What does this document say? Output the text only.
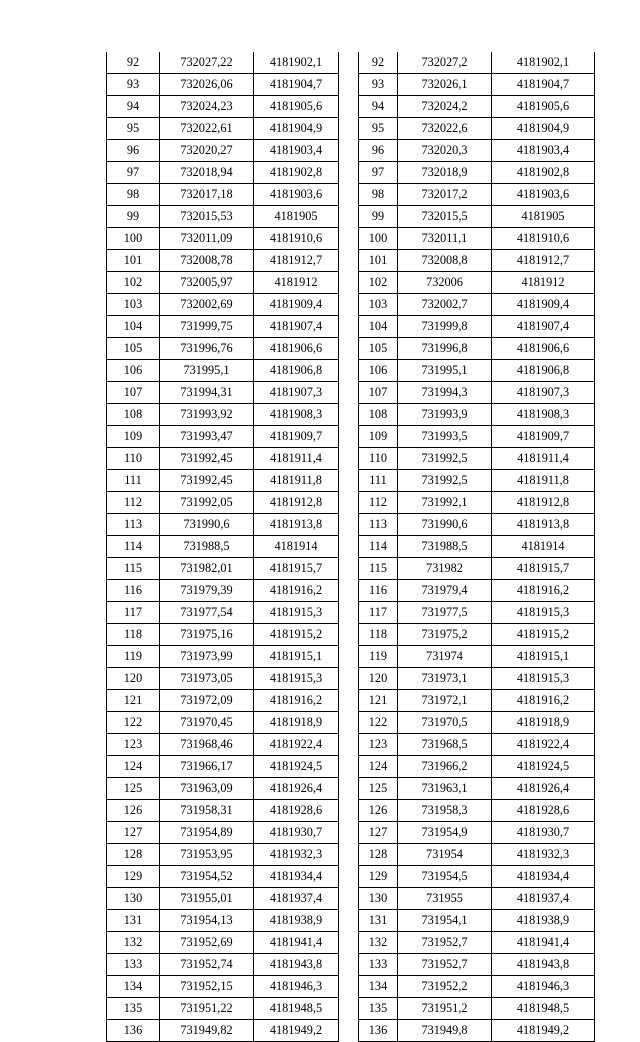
92	732027,22	4181902,1
93	732026,06	4181904,7
94	732024,23	4181905,6
95	732022,61	4181904,9
96	732020,27	4181903,4
97	732018,94	4181902,8
98	732017,18	4181903,6
99	732015,53	4181905
100	732011,09	4181910,6
101	732008,78	4181912,7
102	732005,97	4181912
103	732002,69	4181909,4
104	731999,75	4181907,4
105	731996,76	4181906,6
106	731995,1	4181906,8
107	731994,31	4181907,3
108	731993,92	4181908,3
109	731993,47	4181909,7
110	731992,45	4181911,4
111	731992,45	4181911,8
112	731992,05	4181912,8
113	731990,6	4181913,8
114	731988,5	4181914
115	731982,01	4181915,7
116	731979,39	4181916,2
117	731977,54	4181915,3
118	731975,16	4181915,2
119	731973,99	4181915,1
120	731973,05	4181915,3
121	731972,09	4181916,2
122	731970,45	4181918,9
123	731968,46	4181922,4
124	731966,17	4181924,5
125	731963,09	4181926,4
126	731958,31	4181928,6
127	731954,89	4181930,7
128	731953,95	4181932,3
129	731954,52	4181934,4
130	731955,01	4181937,4
131	731954,13	4181938,9
132	731952,69	4181941,4
133	731952,74	4181943,8
134	731952,15	4181946,3
135	731951,22	4181948,5
136	731949,82	4181949,2
92	732027,2	4181902,1
93	732026,1	4181904,7
94	732024,2	4181905,6
95	732022,6	4181904,9
96	732020,3	4181903,4
97	732018,9	4181902,8
98	732017,2	4181903,6
99	732015,5	4181905
100	732011,1	4181910,6
101	732008,8	4181912,7
102	732006	4181912
103	732002,7	4181909,4
104	731999,8	4181907,4
105	731996,8	4181906,6
106	731995,1	4181906,8
107	731994,3	4181907,3
108	731993,9	4181908,3
109	731993,5	4181909,7
110	731992,5	4181911,4
111	731992,5	4181911,8
112	731992,1	4181912,8
113	731990,6	4181913,8
114	731988,5	4181914
115	731982	4181915,7
116	731979,4	4181916,2
117	731977,5	4181915,3
118	731975,2	4181915,2
119	731974	4181915,1
120	731973,1	4181915,3
121	731972,1	4181916,2
122	731970,5	4181918,9
123	731968,5	4181922,4
124	731966,2	4181924,5
125	731963,1	4181926,4
126	731958,3	4181928,6
127	731954,9	4181930,7
128	731954	4181932,3
129	731954,5	4181934,4
130	731955	4181937,4
131	731954,1	4181938,9
132	731952,7	4181941,4
133	731952,7	4181943,8
134	731952,2	4181946,3
135	731951,2	4181948,5
136	731949,8	4181949,2
